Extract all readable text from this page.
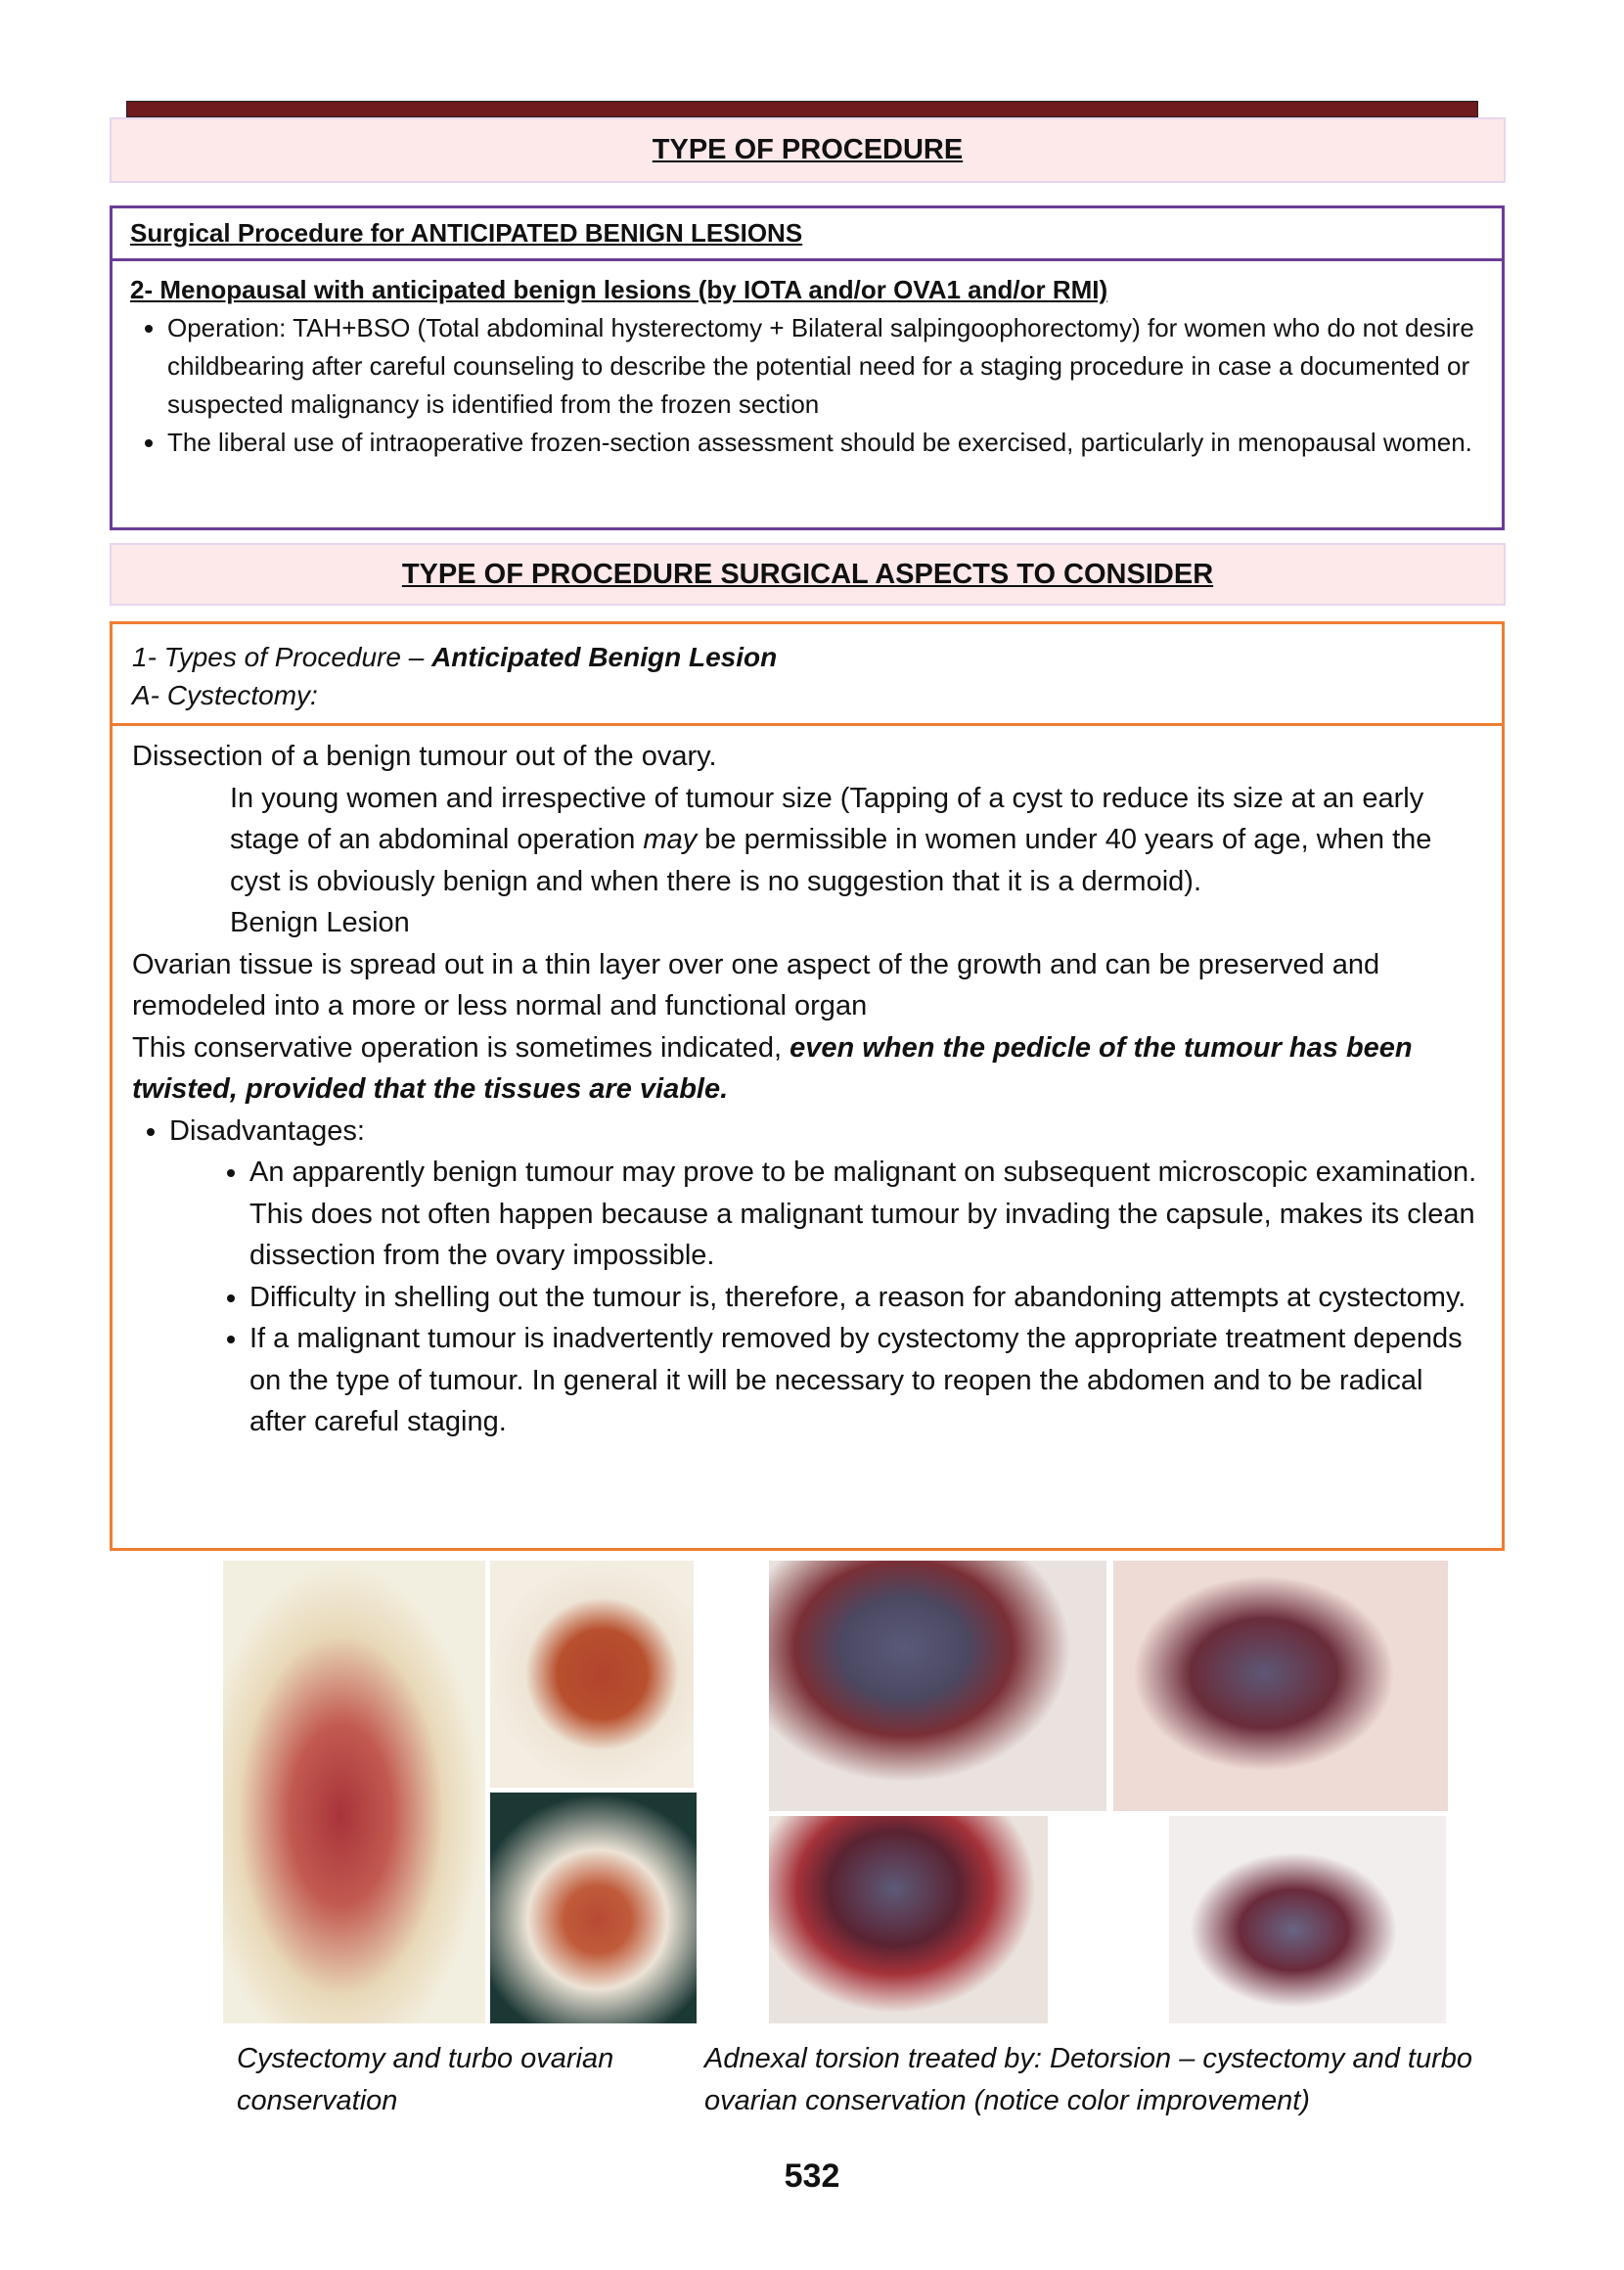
TYPE OF PROCEDURE
Surgical Procedure for ANTICIPATED BENIGN LESIONS
2- Menopausal with anticipated benign lesions (by IOTA and/or OVA1 and/or RMI)
• Operation: TAH+BSO (Total abdominal hysterectomy + Bilateral salpingoophorectomy) for women who do not desire childbearing after careful counseling to describe the potential need for a staging procedure in case a documented or suspected malignancy is identified from the frozen section
• The liberal use of intraoperative frozen-section assessment should be exercised, particularly in menopausal women.
TYPE OF PROCEDURE SURGICAL ASPECTS TO CONSIDER
1- Types of Procedure – Anticipated Benign Lesion
A- Cystectomy:
Dissection of a benign tumour out of the ovary.
In young women and irrespective of tumour size (Tapping of a cyst to reduce its size at an early stage of an abdominal operation may be permissible in women under 40 years of age, when the cyst is obviously benign and when there is no suggestion that it is a dermoid).
Benign Lesion
Ovarian tissue is spread out in a thin layer over one aspect of the growth and can be preserved and remodeled into a more or less normal and functional organ
This conservative operation is sometimes indicated, even when the pedicle of the tumour has been twisted, provided that the tissues are viable.
• Disadvantages:
• An apparently benign tumour may prove to be malignant on subsequent microscopic examination. This does not often happen because a malignant tumour by invading the capsule, makes its clean dissection from the ovary impossible.
• Difficulty in shelling out the tumour is, therefore, a reason for abandoning attempts at cystectomy.
• If a malignant tumour is inadvertently removed by cystectomy the appropriate treatment depends on the type of tumour. In general it will be necessary to reopen the abdomen and to be radical after careful staging.
Cystectomy and turbo ovarian conservation
Adnexal torsion treated by: Detorsion – cystectomy and turbo ovarian conservation (notice color improvement)
532
